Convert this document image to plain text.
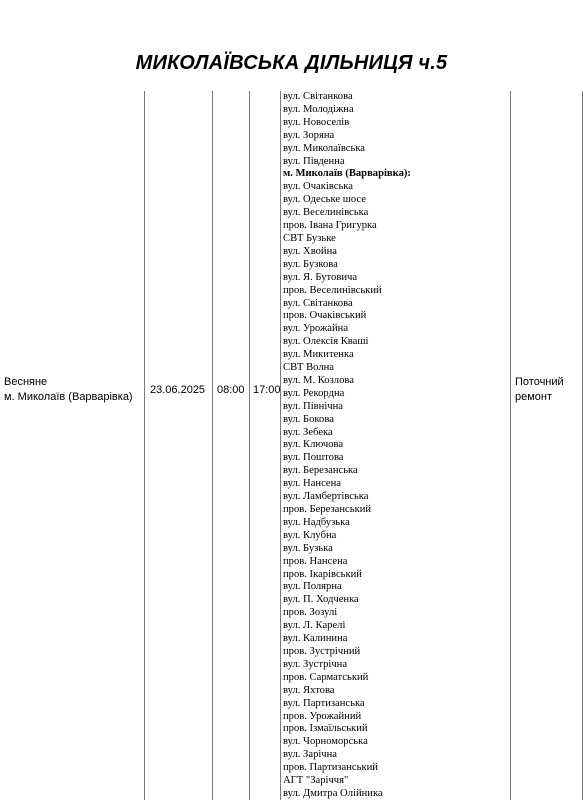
МИКОЛАЇВСЬКА ДІЛЬНИЦЯ ч.5
Весняне
м. Миколаїв (Варварівка)
23.06.2025 08:00 17:00
Поточний
ремонт
вул. Світанкова
вул. Молодіжна
вул. Новоселів
вул. Зоряна
вул. Миколаївська
вул. Південна
м. Миколаїв (Варварівка):
вул. Очаківська
вул. Одеське шосе
вул. Веселинівська
пров. Івана Григурка
СВТ Бузьке
вул. Хвойна
вул. Бузкова
вул. Я. Бутовича
пров. Веселинівський
вул. Світанкова
пров. Очаківський
вул. Урожайна
вул. Олексія Кваші
вул. Микитенка
СВТ Волна
вул. М. Козлова
вул. Рекордна
вул. Північна
вул. Бокова
вул. Зебека
вул. Ключова
вул. Поштова
вул. Березанська
вул. Нансена
вул. Ламбертівська
пров. Березанський
вул. Надбузька
вул. Клубна
вул. Бузька
пров. Нансена
пров. Ікарівський
вул. Полярна
вул. П. Ходченка
пров. Зозулі
вул. Л. Карелі
вул. Калинина
пров. Зустрічний
вул. Зустрічна
пров. Сарматський
вул. Яхтова
вул. Партизанська
пров. Урожайний
пров. Ізмаїльський
вул. Чорноморська
вул. Зарічна
пров. Партизанський
АГТ "Заріччя"
вул. Дмитра Олійника
